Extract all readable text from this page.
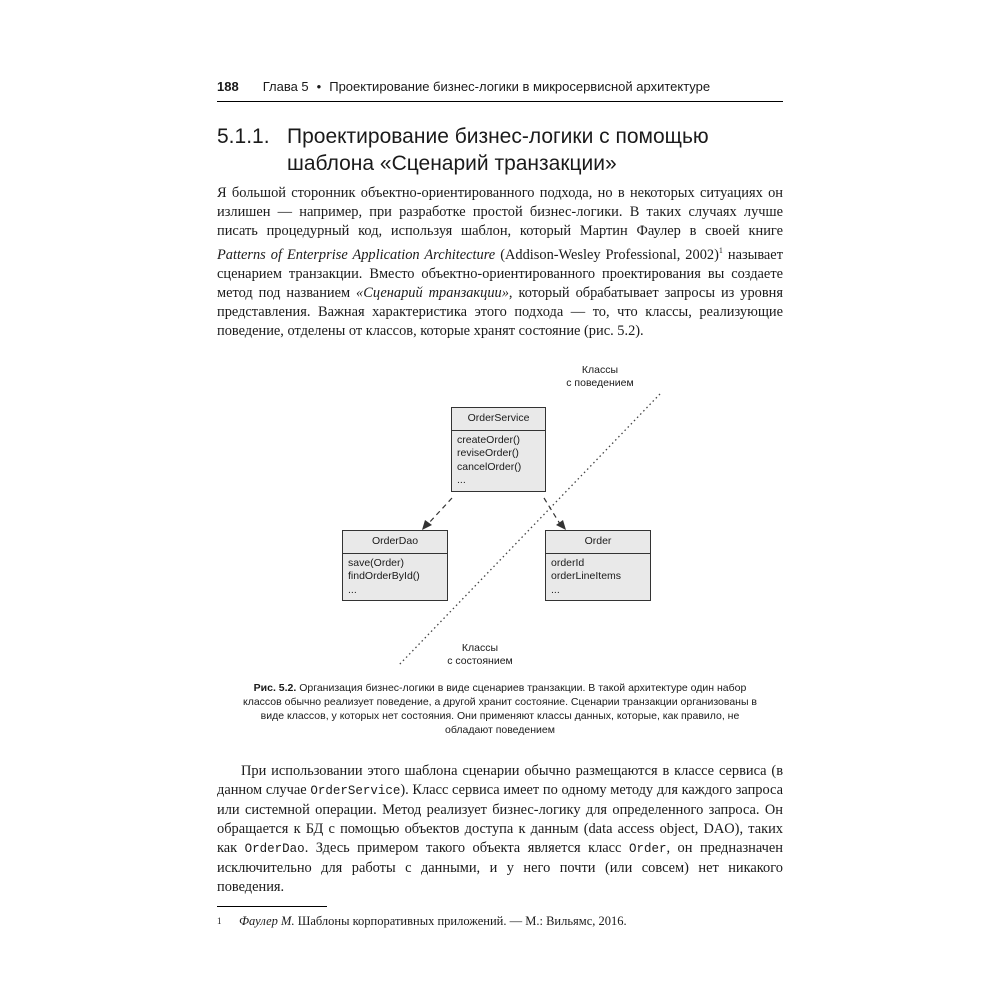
188 Глава 5 • Проектирование бизнес-логики в микросервисной архитектуре
5.1.1. Проектирование бизнес-логики с помощью шаблона «Сценарий транзакции»
Я большой сторонник объектно-ориентированного подхода, но в некоторых ситуациях он излишен — например, при разработке простой бизнес-логики. В таких случаях лучше писать процедурный код, используя шаблон, который Мартин Фаулер в своей книге Patterns of Enterprise Application Architecture (Addison-Wesley Professional, 2002)$^1$ называет сценарием транзакции. Вместо объектно-ориентированного проектирования вы создаете метод под названием «Сценарий транзакции», который обрабатывает запросы из уровня представления. Важная характеристика этого подхода — то, что классы, реализующие поведение, отделены от классов, которые хранят состояние (рис. 5.2).
Классы
с поведением
OrderService
createOrder()
reviseOrder()
cancelOrder()
...
OrderDao
save(Order)
findOrderById()
...
Order
orderId
orderLineItems
...
Классы
с состоянием
Рис. 5.2. Организация бизнес-логики в виде сценариев транзакции. В такой архитектуре один набор классов обычно реализует поведение, а другой хранит состояние. Сценарии транзакции организованы в виде классов, у которых нет состояния. Они применяют классы данных, которые, как правило, не обладают поведением
При использовании этого шаблона сценарии обычно размещаются в классе сервиса (в данном случае OrderService). Класс сервиса имеет по одному методу для каждого запроса или системной операции. Метод реализует бизнес-логику для определенного запроса. Он обращается к БД с помощью объектов доступа к данным (data access object, DAO), таких как OrderDao. Здесь примером такого объекта является класс Order, он предназначен исключительно для работы с данными, и у него почти (или совсем) нет никакого поведения.
1 Фаулер М. Шаблоны корпоративных приложений. — М.: Вильямс, 2016.
